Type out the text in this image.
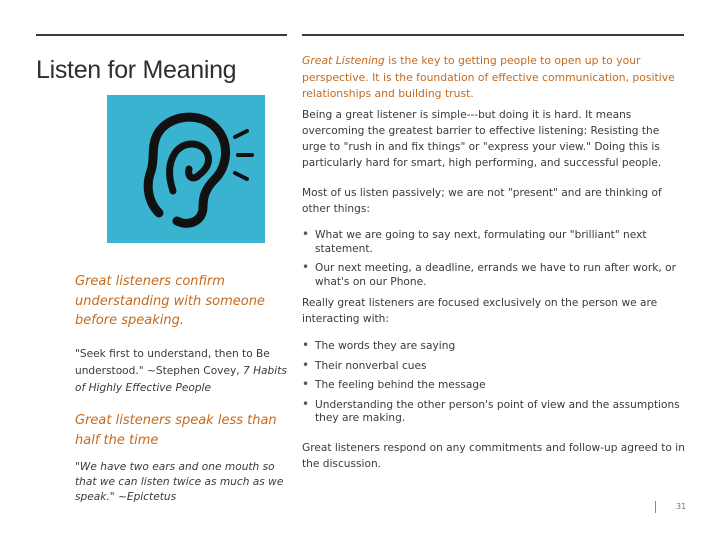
Listen for Meaning
Great listeners confirm understanding with someone before speaking.
"Seek first to understand, then to Be understood." ~Stephen Covey, 7 Habits of Highly Effective People
Great listeners speak less than half the time
"We have two ears and one mouth so that we can listen twice as much as we speak." ~Epictetus
Great Listening is the key to getting people to open up to your perspective. It is the foundation of effective communication, positive relationships and building trust.
Being a great listener is simple---but doing it is hard. It means overcoming the greatest barrier to effective listening: Resisting the urge to "rush in and fix things" or "express your view." Doing this is particularly hard for smart, high performing, and successful people.
Most of us listen passively; we are not "present" and are thinking of other things:
• What we are going to say next, formulating our "brilliant" next statement.
• Our next meeting, a deadline, errands we have to run after work, or what's on our Phone.
Really great listeners are focused exclusively on the person we are interacting with:
• The words they are saying
• Their nonverbal cues
• The feeling behind the message
• Understanding the other person's point of view and the assumptions they are making.
Great listeners respond on any commitments and follow-up agreed to in the discussion.
31
